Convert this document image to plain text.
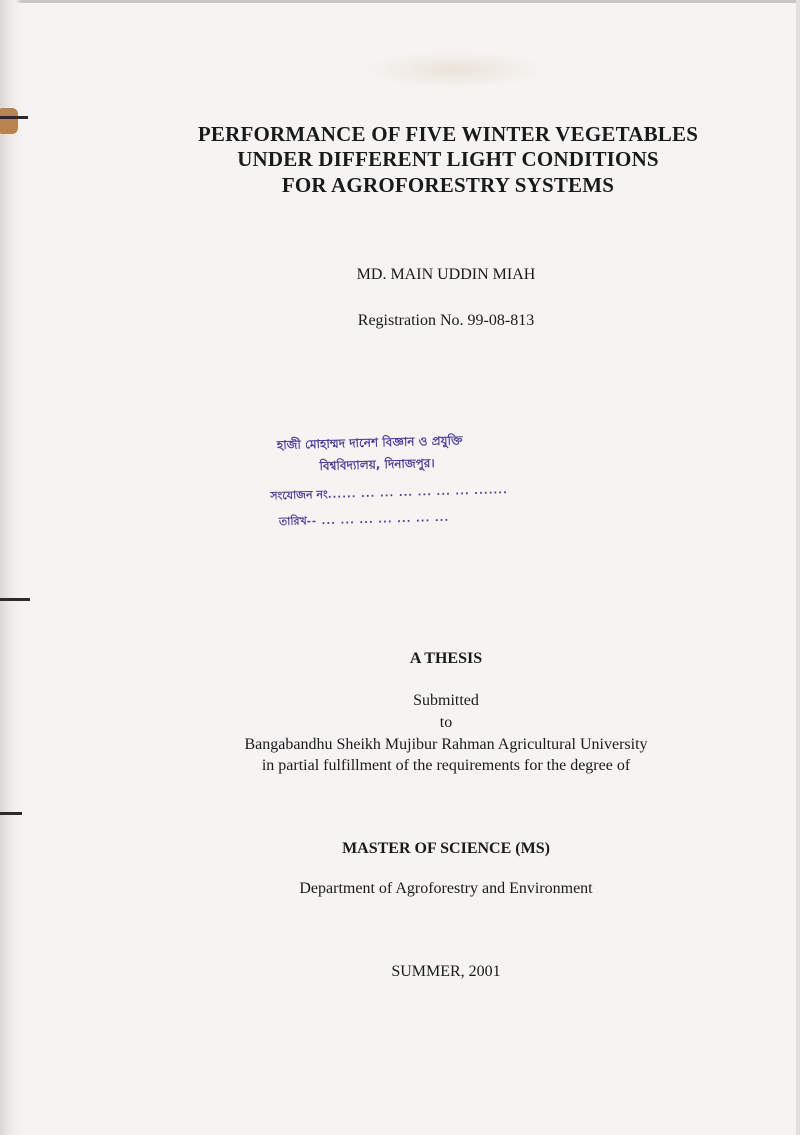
PERFORMANCE OF FIVE WINTER VEGETABLES
UNDER DIFFERENT LIGHT CONDITIONS
FOR AGROFORESTRY SYSTEMS
MD. MAIN UDDIN MIAH
Registration No. 99-08-813
হাজী মোহাম্মদ দানেশ বিজ্ঞান ও প্রযুক্তি
বিশ্ববিদ্যালয়, দিনাজপুর।
সংযোজন নং...... ... ... ... ... ... ... .......
তারিখ-- ... ... ... ... ... ... ...
A THESIS
Submitted
to
Bangabandhu Sheikh Mujibur Rahman Agricultural University
in partial fulfillment of the requirements for the degree of
MASTER OF SCIENCE (MS)
Department of Agroforestry and Environment
SUMMER, 2001
